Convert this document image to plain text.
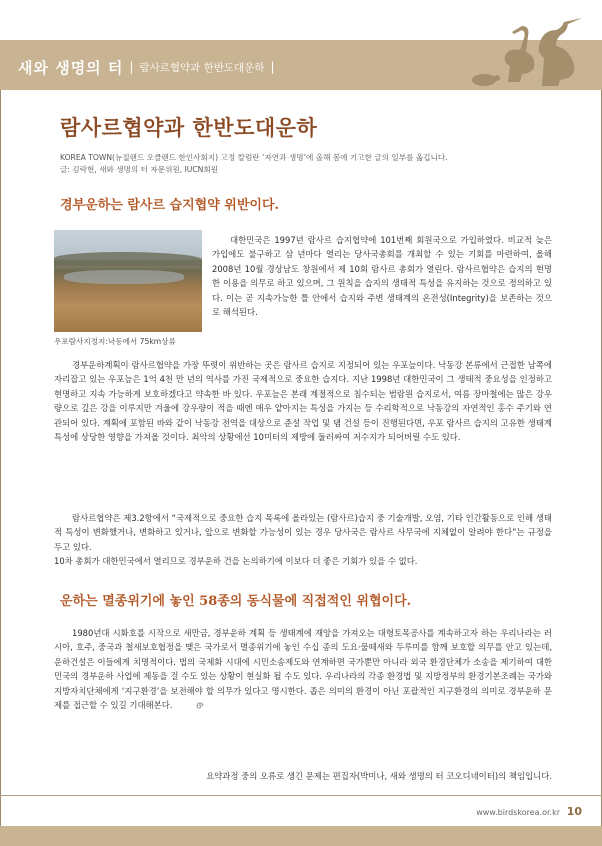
새와 생명의 터 | 람사르협약과 한반도대운하 |
람사르협약과 한반도대운하
KOREA TOWN(뉴질랜드 오클랜드 한인사회지) 고정 칼럼란 ‘자연과 생명’에 올해 봄에 기고한 글의 일부를 옮깁니다.
글: 김락현, 새와 생명의 터 자문위원, IUCN회원
경부운하는 람사르 습지협약 위반이다.
우포람사지정지:낙동에서 75km상류

대한민국은 1997년 람사르 습지협약에 101번째 회원국으로 가입하였다. 비교적 늦은 가입에도 불구하고 삼 년마다 열리는 당사국총회를 개최할 수 있는 기회를 마련하여, 올해 2008년 10월 경상남도 창원에서 제 10회 람사르 총회가 열린다. 람사르협약은 습지의 현명한 이용을 의무로 하고 있으며, 그 원칙을 습지의 생태적 특성을 유지하는 것으로 정의하고 있다. 이는 곧 지속가능한 틀 안에서 습지와 주변 생태계의 온전성(Integrity)을 보존하는 것으로 해석된다.

경부운하계획이 람사르협약을 가장 뚜렷이 위반하는 곳은 람사르 습지로 지정되어 있는 우포늪이다. 낙동강 본류에서 근접한 남쪽에 자리잡고 있는 우포늪은 1억 4천 만 년의 역사를 가진 국제적으로 중요한 습지다. 지난 1998년 대한민국이 그 생태적 중요성을 인정하고 현명하고 지속 가능하게 보호하겠다고 약속한 바 있다. 우포늪은 본래 계절적으로 침수되는 범람원 습지로서, 여름 장마철에는 많은 강우량으로 깊은 강을 이루지만 겨울에 강우량이 적을 때엔 매우 얕아지는 특성을 가지는 등 수리학적으로 낙동강의 자연적인 홍수 주기와 연관되어 있다. 계획에 포함된 바와 같이 낙동강 전역을 대상으로 준설 작업 및 댐 건설 등이 진행된다면, 우포 람사르 습지의 고유한 생태계 특성에 상당한 영향을 가져올 것이다. 최악의 상황에선 10미터의 제방에 둘러싸여 저수지가 되어버릴 수도 있다.

람사르협약은 제3.2항에서 “국제적으로 중요한 습지 목록에 올라있는 (람사르)습지 중 기술개발, 오염, 기타 인간활동으로 인해 생태적 특성이 변화했거나, 변화하고 있거나, 앞으로 변화할 가능성이 있는 경우 당사국은 람사르 사무국에 지체없이 알려야 한다”는 규정을 두고 있다.
10차 총회가 대한민국에서 열리므로 경부운하 건을 논의하기에 이보다 더 좋은 기회가 있을 수 없다.
운하는 멸종위기에 놓인 58종의 동식물에 직접적인 위협이다.

1980년대 시화호를 시작으로 새만금, 경부운하 계획 등 생태계에 재앙을 가져오는 대형토목공사를 계속하고자 하는 우리나라는 러시아, 호주, 중국과 철새보호협정을 맺은 국가로서 멸종위기에 놓인 수십 종의 도요·물떼새와 두루미를 함께 보호할 의무를 안고 있는데, 운하건설은 이들에게 치명적이다. 법의 국제화 시대에 시민소송제도와 연계하면 국가뿐만 아니라 외국 환경단체가 소송을 제기하여 대한민국의 경부운하 사업에 제동을 걸 수도 있는 상황이 현실화 될 수도 있다. 우리나라의 각종 환경법 및 지방정부의 환경기본조례는 국가와 지방자치단체에게 ‘지구환경’을 보전해야 할 의무가 있다고 명시한다. 좁은 의미의 환경이 아닌 포괄적인 지구환경의 의미로 경부운하 문제를 접근할 수 있길 기대해본다.

요약과정 중의 오류로 생긴 문제는 편집자(박미나, 새와 생명의 터 코오디네이터)의 책임입니다.
www.birdskorea.or.kr 10
